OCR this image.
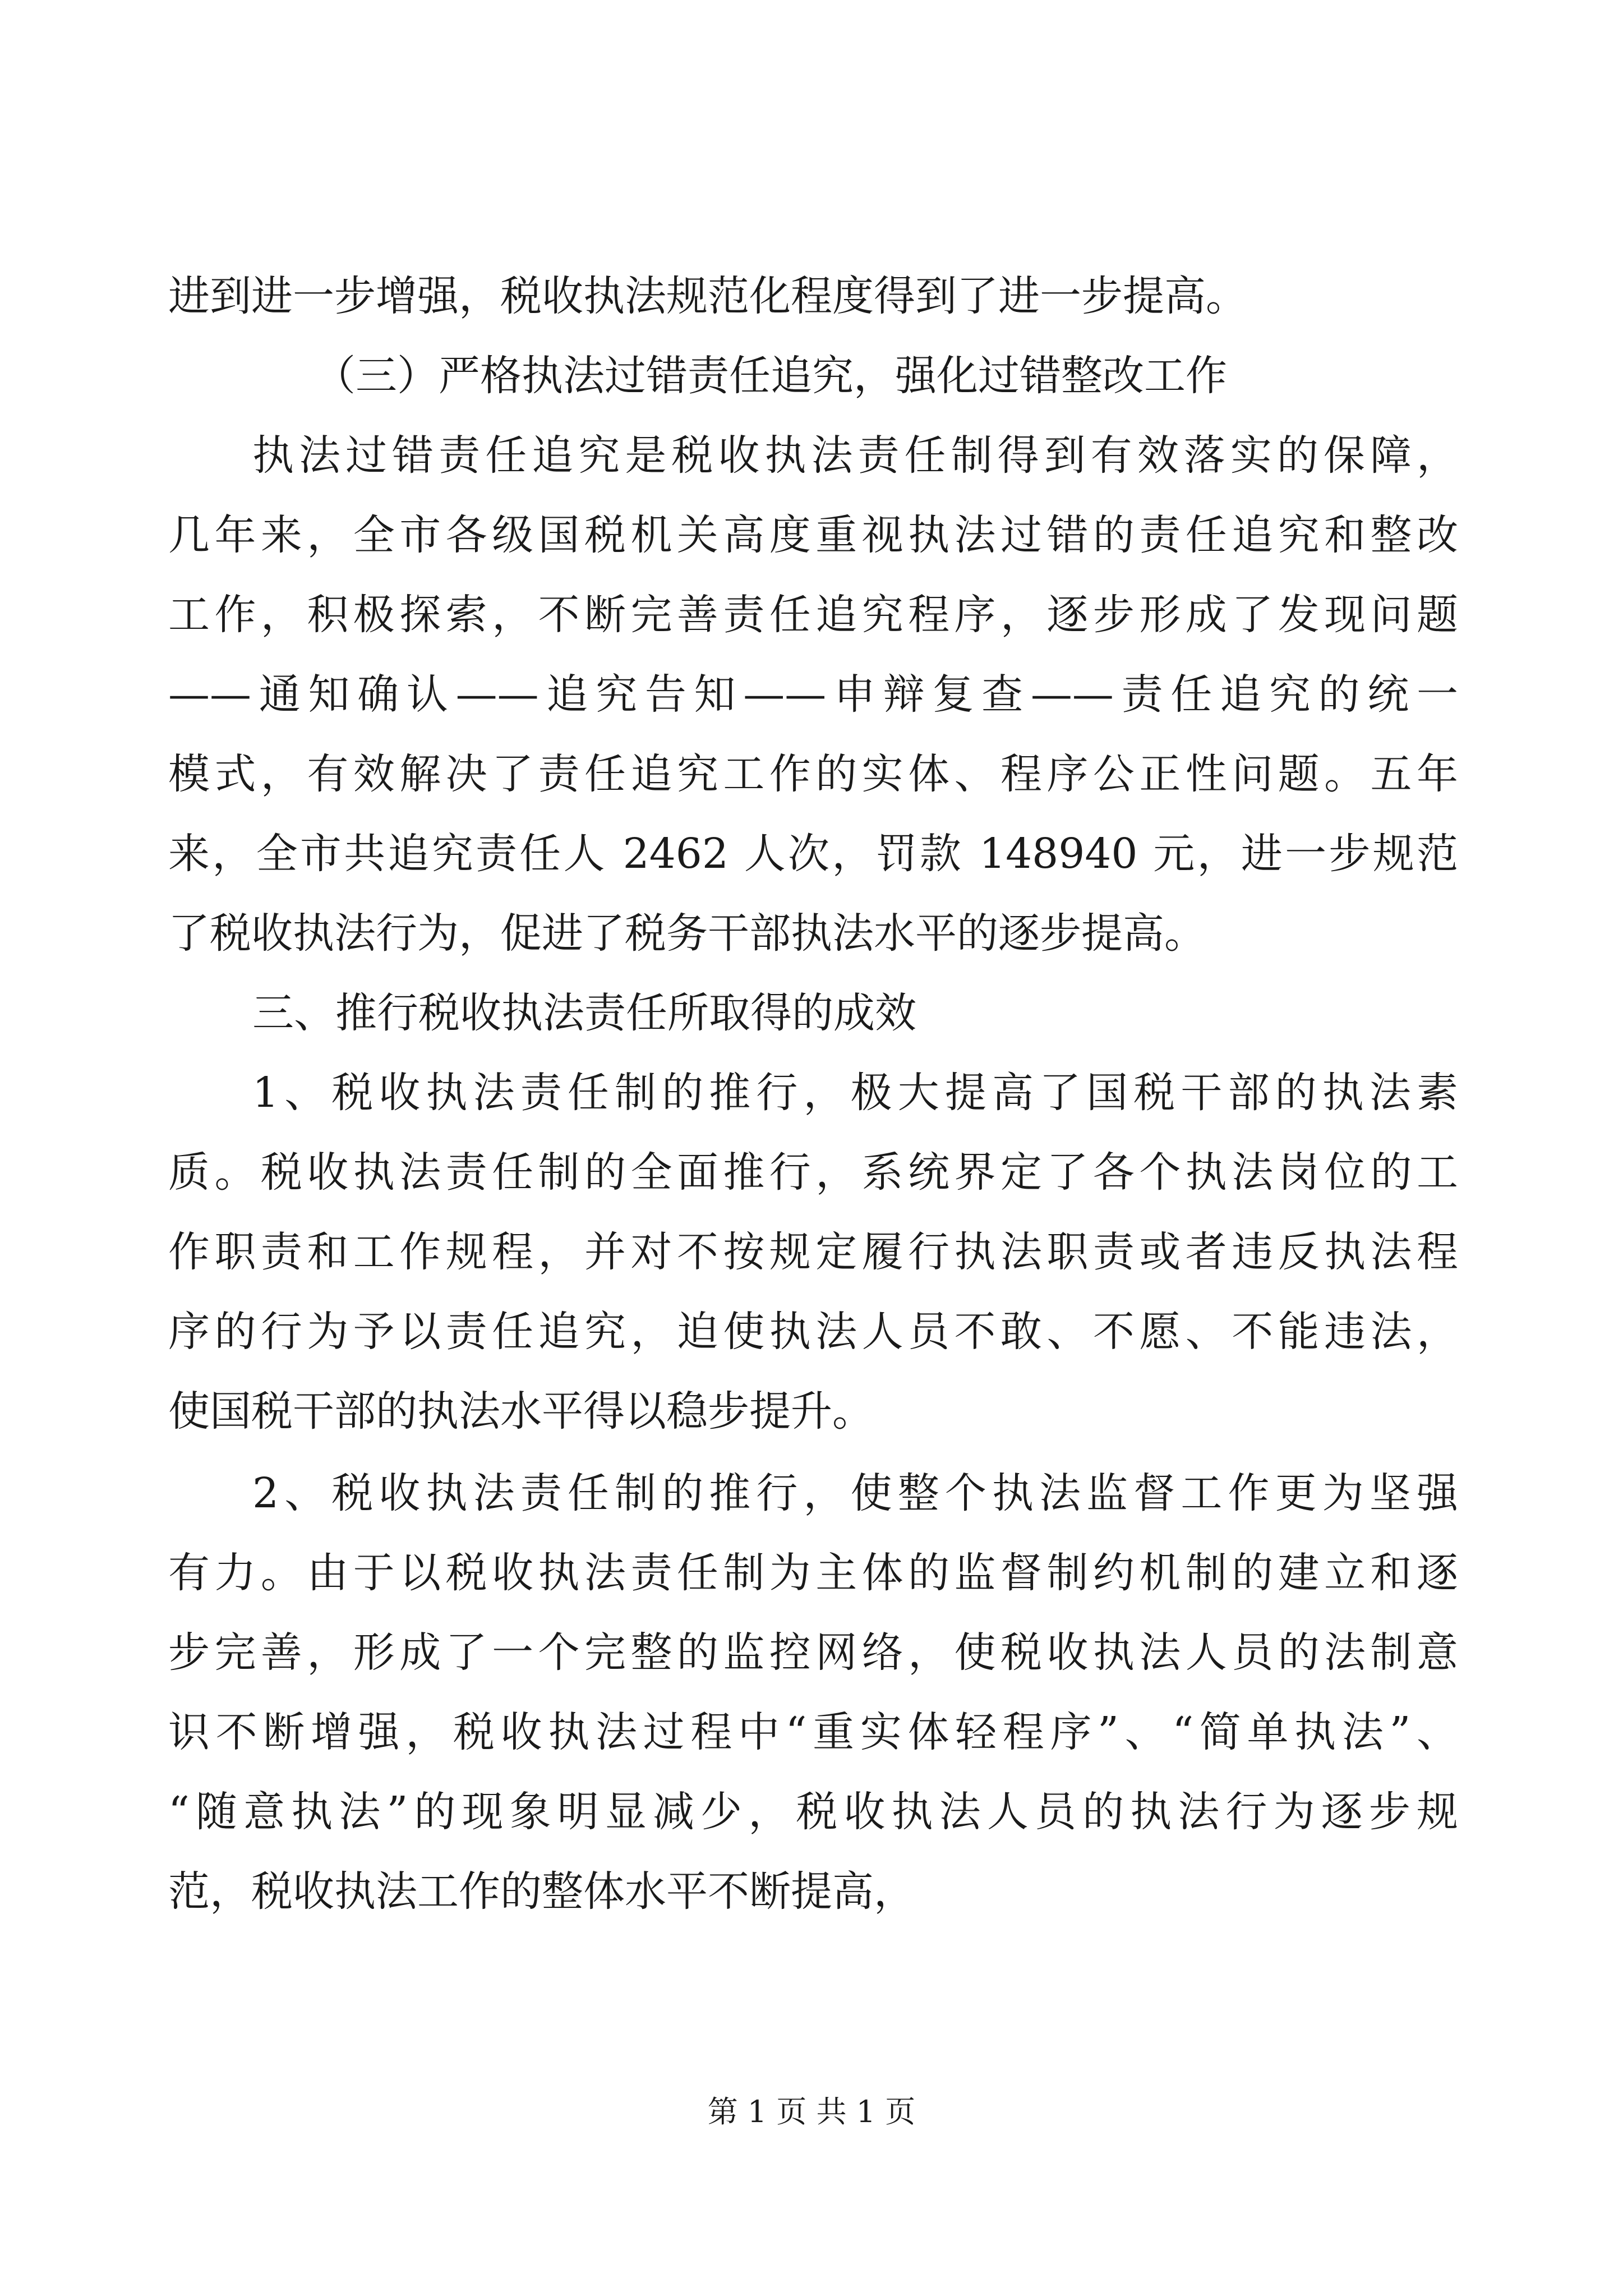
进到进一步增强，税收执法规范化程度得到了进一步提高。

（三）严格执法过错责任追究，强化过错整改工作

执法过错责任追究是税收执法责任制得到有效落实的保障，

几年来，全市各级国税机关高度重视执法过错的责任追究和整改

工作，积极探索，不断完善责任追究程序，逐步形成了发现问题

——通知确认——追究告知——申辩复查——责任追究的统一

模式，有效解决了责任追究工作的实体、程序公正性问题。五年

来，全市共追究责任人 2462 人次，罚款 148940 元，进一步规范

了税收执法行为，促进了税务干部执法水平的逐步提高。

三、推行税收执法责任所取得的成效

1、税收执法责任制的推行，极大提高了国税干部的执法素

质。税收执法责任制的全面推行，系统界定了各个执法岗位的工

作职责和工作规程，并对不按规定履行执法职责或者违反执法程

序的行为予以责任追究，迫使执法人员不敢、不愿、不能违法，

使国税干部的执法水平得以稳步提升。

2、税收执法责任制的推行，使整个执法监督工作更为坚强

有力。由于以税收执法责任制为主体的监督制约机制的建立和逐

步完善，形成了一个完整的监控网络，使税收执法人员的法制意

识不断增强，税收执法过程中“重实体轻程序”、“简单执法”、

“随意执法”的现象明显减少，税收执法人员的执法行为逐步规

范，税收执法工作的整体水平不断提高，

第 1 页 共 1 页
